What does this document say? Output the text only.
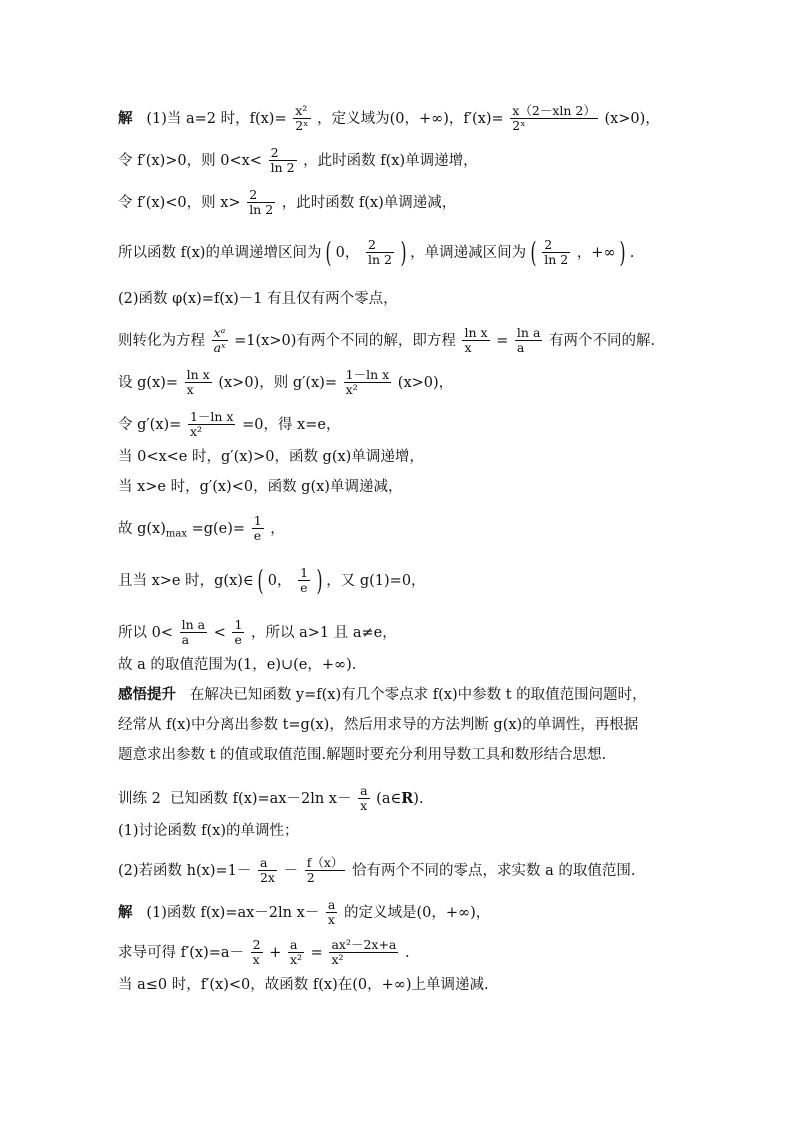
解 (1)当 a=2 时，$f(x)= \frac{\text{x²}}{\text{2ˣ}}$ ，定义域为(0，+∞)，$f'(x)= \frac{x(2-xln 2)}{\text{2ˣ}} (x>0)$，
令 f′(x)>0，则 $0<x< \frac{2}{\ln 2}$ ，此时函数 f(x)单调递增，
令 f′(x)<0，则 $x> \frac{2}{\ln 2}$ ，此时函数 f(x)单调递减，
所以函数 f(x)的单调递增区间为 ( 0， $\frac{2}{\ln 2}$ ) ，单调递减区间为 ( $\frac{2}{\ln 2}$ ，+∞ ) .
(2)函数 φ(x)=f(x)－1 有且仅有两个零点，
则转化为方程 $\frac{\text{xᵃ}}{\text{aˣ}} =1(x>0)$有两个不同的解，即方程 $\frac{\text{ln x}}{x} = \frac{\text{ln a}}{a}$ 有两个不同的解.
设 $g(x)= \frac{\text{ln x}}{x} (x>0)$，则 $g'(x)= \frac{\text{1－ln x}}{\text{x²}} (x>0)$，
令 $g'(x)= \frac{\text{1－ln x}}{\text{x²}} =0$，得 x=e，
当 0<x<e 时，g′(x)>0，函数 g(x)单调递增，
当 x>e 时，g′(x)<0，函数 g(x)单调递减，
故 $g(x)_{max} =g(e)= \frac{1}{e}$ ，
且当 x>e 时，g(x)∈ ( 0， $\frac{1}{e}$ ) ，又 g(1)=0，
所以 $0< \frac{\text{ln a}}{a} < \frac{1}{e}$ ，所以 a>1 且 a≠e，
故 a 的取值范围为(1，e)∪(e，+∞).
感悟提升 在解决已知函数 y=f(x)有几个零点求 f(x)中参数 t 的取值范围问题时，
经常从 f(x)中分离出参数 t=g(x)，然后用求导的方法判断 g(x)的单调性，再根据
题意求出参数 t 的值或取值范围.解题时要充分利用导数工具和数形结合思想.
训练 2 已知函数 f(x)=ax－2ln $x- \frac{a}{x}$ (a∈R).
(1)讨论函数 f(x)的单调性；
(2)若函数 $h(x)=1- \frac{a}{2x} - \frac{f(x)}{2}$ 恰有两个不同的零点，求实数 a 的取值范围.
解 (1)函数 f(x)=ax－2ln $x- \frac{a}{x}$ 的定义域是(0，+∞)，
求导可得 $f'(x)=a- \frac{2}{x} + \frac{a}{\text{x²}} = \frac{\text{ax²－2x+a}}{\text{x²}}$ .
当 a≤0 时，f′(x)<0，故函数 f(x)在(0，+∞)上单调递减.
